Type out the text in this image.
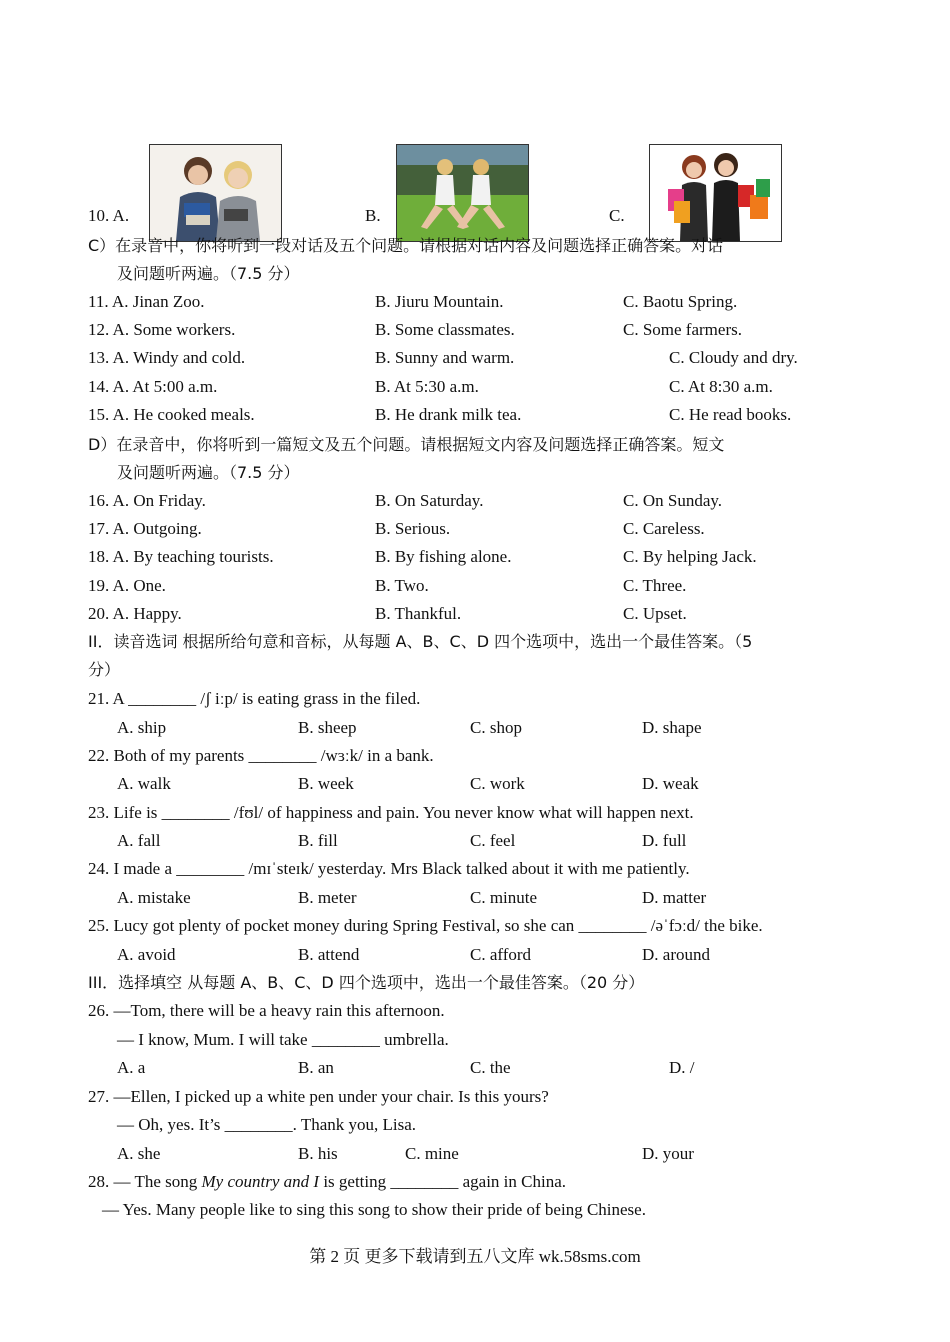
10. A.	B.	C.
C）在录音中，你将听到一段对话及五个问题。请根据对话内容及问题选择正确答案。对话
及问题听两遍。（7.5 分）
11. A. Jinan Zoo.	B. Jiuru Mountain.	C. Baotu Spring.
12. A. Some workers.	B. Some classmates.	C. Some farmers.
13. A. Windy and cold.	B. Sunny and warm.	C. Cloudy and dry.
14. A. At 5:00 a.m.	B. At 5:30 a.m.	C. At 8:30 a.m.
15. A. He cooked meals.	B. He drank milk tea.	C. He read books.
D）在录音中，你将听到一篇短文及五个问题。请根据短文内容及问题选择正确答案。短文
及问题听两遍。（7.5 分）
16. A. On Friday.	B. On Saturday.	C. On Sunday.
17. A. Outgoing.	B. Serious.	C. Careless.
18. A. By teaching tourists.	B. By fishing alone.	C. By helping Jack.
19. A. One.	B. Two.	C. Three.
20. A. Happy.	B. Thankful.	C. Upset.
II．读音选词 根据所给句意和音标，从每题 A、B、C、D 四个选项中，选出一个最佳答案。（5
分）
21. A ________ /ʃ iːp/ is eating grass in the filed.
A. ship	B. sheep	C. shop	D. shape
22. Both of my parents ________ /wɜːk/ in a bank.
A. walk	B. week	C. work	D. weak
23. Life is ________ /fʊl/ of happiness and pain. You never know what will happen next.
A. fall	B. fill	C. feel	D. full
24. I made a ________ /mɪˈsteɪk/ yesterday. Mrs Black talked about it with me patiently.
A. mistake	B. meter	C. minute	D. matter
25. Lucy got plenty of pocket money during Spring Festival, so she can ________ /əˈfɔːd/ the bike.
A. avoid	B. attend	C. afford	D. around
III．选择填空 从每题 A、B、C、D 四个选项中，选出一个最佳答案。（20 分）
26. —Tom, there will be a heavy rain this afternoon.
— I know, Mum. I will take ________ umbrella.
A. a	B. an	C. the	D. /
27. —Ellen, I picked up a white pen under your chair. Is this yours?
— Oh, yes. It’s ________. Thank you, Lisa.
A. she	B. his	C. mine	D. your
28. — The song My country and I is getting ________ again in China.
— Yes. Many people like to sing this song to show their pride of being Chinese.
第 2 页 更多下载请到五八文库 wk.58sms.com
